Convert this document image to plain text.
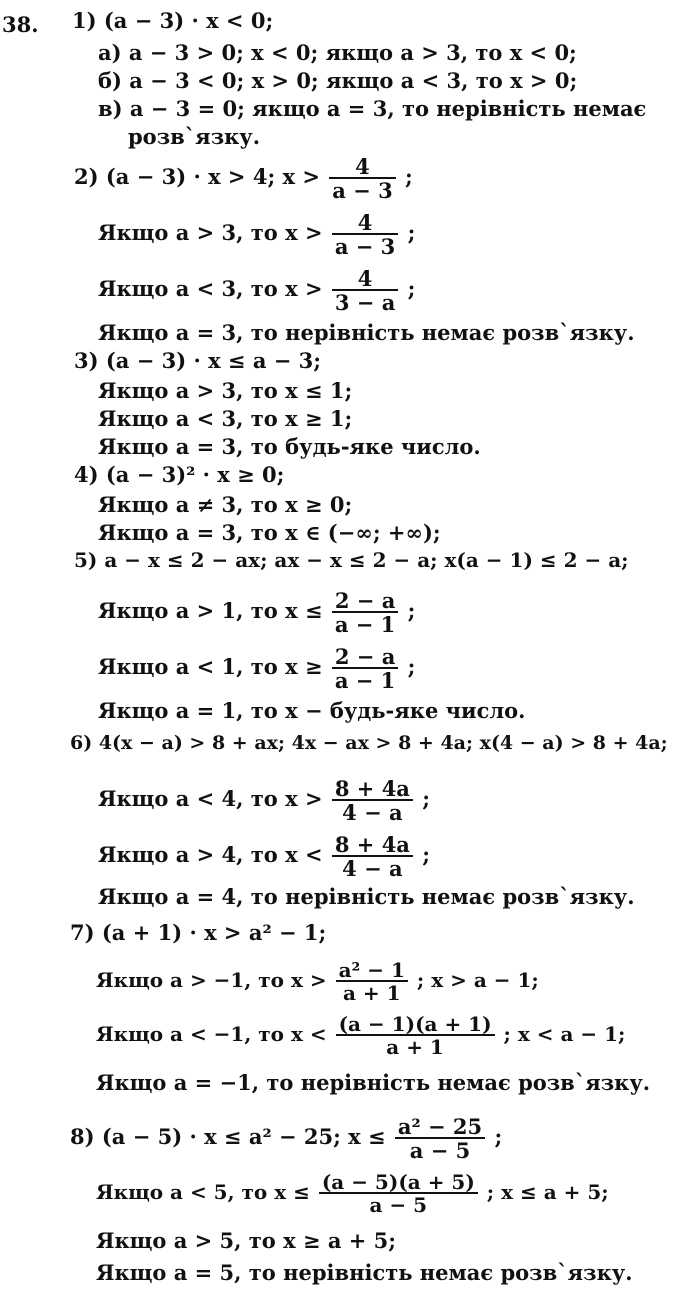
38. 1) (a − 3) · x < 0;
а) a − 3 > 0; x < 0; якщо a > 3, то x < 0;
б) a − 3 < 0; x > 0; якщо a < 3, то x > 0;
в) a − 3 = 0; якщо a = 3, то нерівність немає
розв`язку.
2) (a − 3) · x > 4; $x > \frac{4}{a - 3}$ ;
Якщо a > 3, то $x > \frac{4}{a - 3}$ ;
Якщо a < 3, то $x > \frac{4}{3 - a}$ ;
Якщо a = 3, то нерівність немає розв`язку.
3) (a − 3) · x ≤ a − 3;
Якщо a > 3, то x ≤ 1;
Якщо a < 3, то x ≥ 1;
Якщо a = 3, то будь-яке число.
4) (a − 3)² · x ≥ 0;
Якщо a ≠ 3, то x ≥ 0;
Якщо a = 3, то x ∈ (−∞; +∞);
5) a − x ≤ 2 − ax; ax − x ≤ 2 − a; x(a − 1) ≤ 2 − a;
Якщо a > 1, то $x \le \frac{2 - a}{a - 1}$ ;
Якщо a < 1, то $x \ge \frac{2 - a}{a - 1}$ ;
Якщо a = 1, то x − будь-яке число.
6) 4(x − a) > 8 + ax; 4x − ax > 8 + 4a; x(4 − a) > 8 + 4a;
Якщо a < 4, то $x > \frac{8 + 4a}{4 - a}$ ;
Якщо a > 4, то $x < \frac{8 + 4a}{4 - a}$ ;
Якщо a = 4, то нерівність немає розв`язку.
7) (a + 1) · x > a² − 1;
Якщо a > −1, то $x > \frac{\text{a² − 1}}{a + 1}$ ; x > a − 1;
Якщо a < −1, то $x < \frac{(a - 1)(a + 1)}{a + 1}$ ; x < a − 1;
Якщо a = −1, то нерівність немає розв`язку.
8) (a − 5) · x ≤ a² − 25; $x \le \frac{\text{a² − 25}}{a - 5}$ ;
Якщо a < 5, то $x \le \frac{(a - 5)(a + 5)}{a - 5}$ ; x ≤ a + 5;
Якщо a > 5, то x ≥ a + 5;
Якщо a = 5, то нерівність немає розв`язку.
